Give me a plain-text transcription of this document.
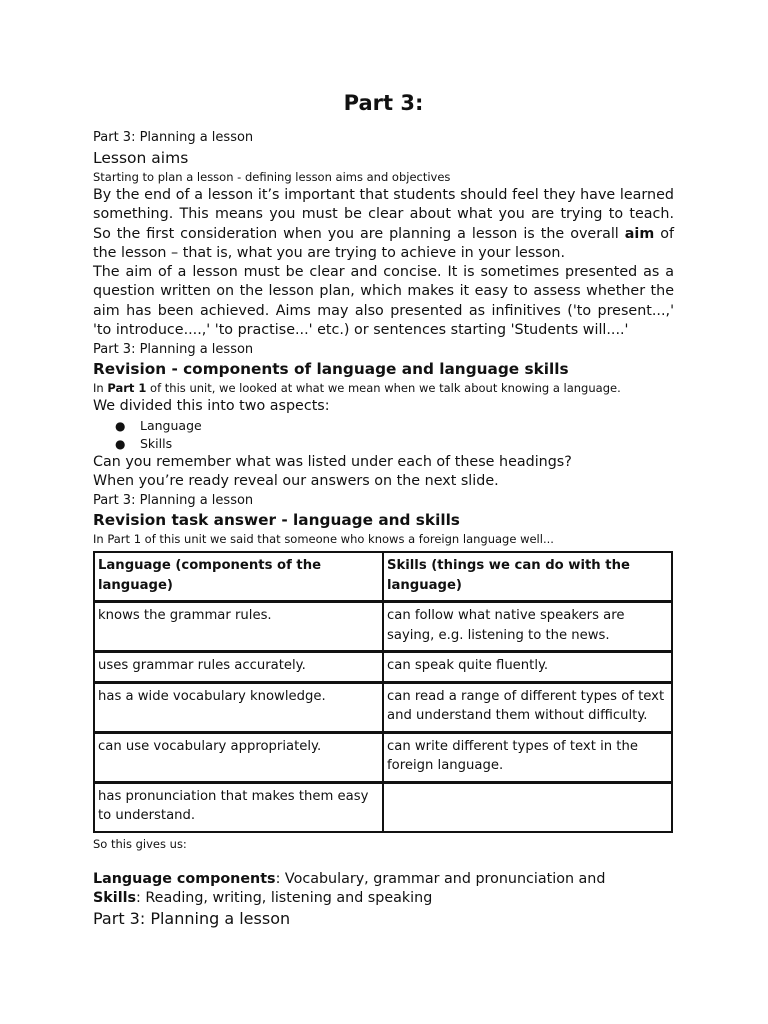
Part 3:

Part 3: Planning a lesson

Lesson aims

Starting to plan a lesson - defining lesson aims and objectives

By the end of a lesson it’s important that students should feel they have learned something. This means you must be clear about what you are trying to teach. So the first consideration when you are planning a lesson is the overall aim of the lesson – that is, what you are trying to achieve in your lesson.

The aim of a lesson must be clear and concise. It is sometimes presented as a question written on the lesson plan, which makes it easy to assess whether the aim has been achieved. Aims may also presented as infinitives ('to present...,' 'to introduce....,' 'to practise...' etc.) or sentences starting 'Students will....'

Part 3: Planning a lesson

Revision - components of language and language skills

In Part 1 of this unit, we looked at what we mean when we talk about knowing a language.

We divided this into two aspects:

● Language
● Skills

Can you remember what was listed under each of these headings?

When you’re ready reveal our answers on the next slide.

Part 3: Planning a lesson

Revision task answer - language and skills

In Part 1 of this unit we said that someone who knows a foreign language well...

Language (components of the language)	Skills (things we can do with the language)
knows the grammar rules.	can follow what native speakers are saying, e.g. listening to the news.
uses grammar rules accurately.	can speak quite fluently.
has a wide vocabulary knowledge.	can read a range of different types of text and understand them without difficulty.
can use vocabulary appropriately.	can write different types of text in the foreign language.
has pronunciation that makes them easy to understand.	

So this gives us:

Language components: Vocabulary, grammar and pronunciation and

Skills: Reading, writing, listening and speaking

Part 3: Planning a lesson
